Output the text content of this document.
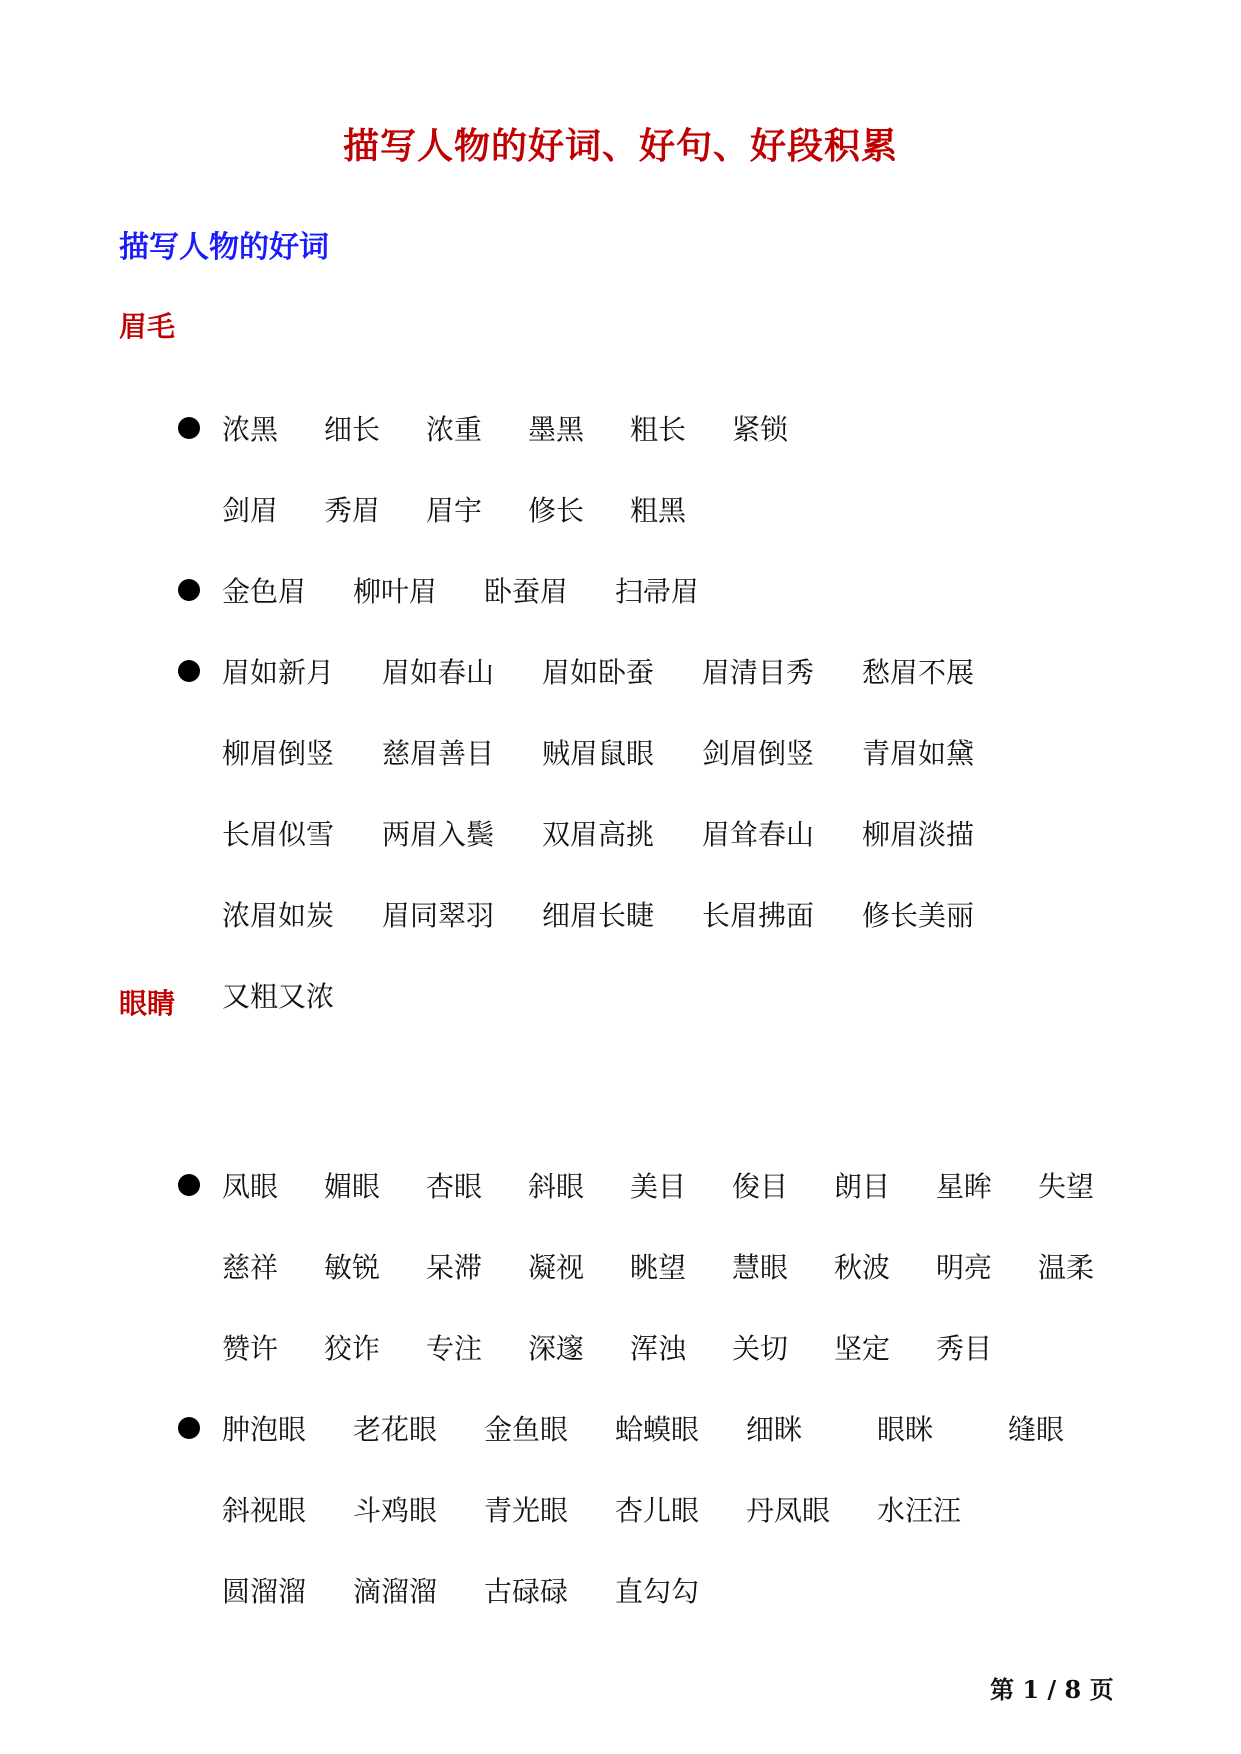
描写人物的好词、好句、好段积累
描写人物的好词
眉毛
浓黑 细长 浓重 墨黑 粗长 紧锁
剑眉 秀眉 眉宇 修长 粗黑
金色眉 柳叶眉 卧蚕眉 扫帚眉
眉如新月 眉如春山 眉如卧蚕 眉清目秀 愁眉不展
柳眉倒竖 慈眉善目 贼眉鼠眼 剑眉倒竖 青眉如黛
长眉似雪 两眉入鬓 双眉高挑 眉耸春山 柳眉淡描
浓眉如炭 眉同翠羽 细眉长睫 长眉拂面 修长美丽
又粗又浓
眼睛
凤眼 媚眼 杏眼 斜眼 美目 俊目 朗目 星眸 失望
慈祥 敏锐 呆滞 凝视 眺望 慧眼 秋波 明亮 温柔
赞许 狡诈 专注 深邃 浑浊 关切 坚定 秀目
肿泡眼 老花眼 金鱼眼 蛤蟆眼 细眯	眼眯	缝眼
斜视眼 斗鸡眼 青光眼 杏儿眼 丹凤眼 水汪汪
圆溜溜 滴溜溜 古碌碌 直勾勾
第 1 / 8 页
